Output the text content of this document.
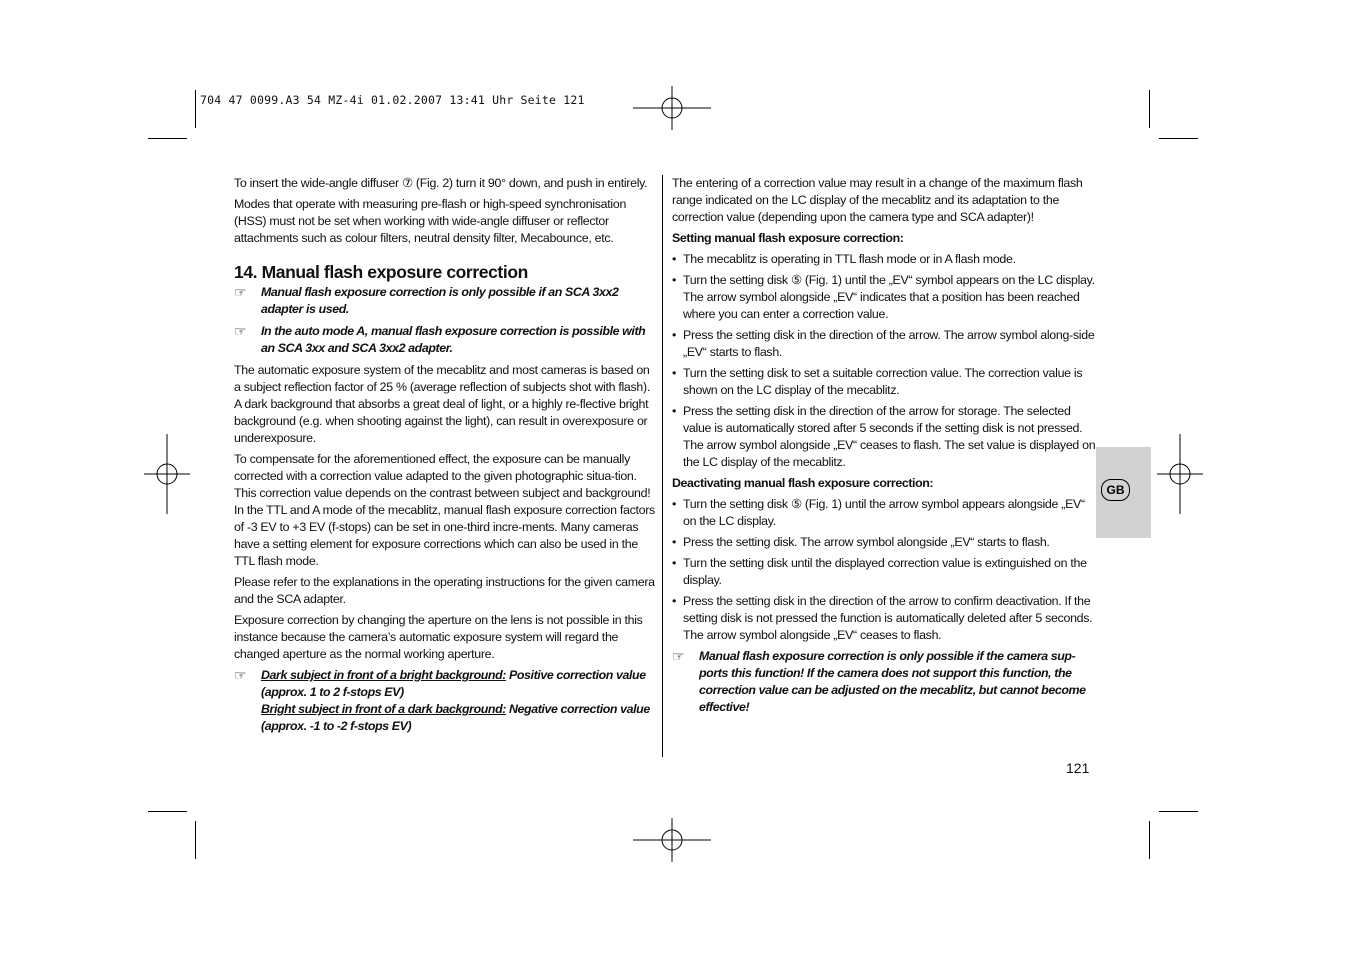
704 47 0099.A3 54 MZ-4i 01.02.2007 13:41 Uhr Seite 121

To insert the wide-angle diffuser ⑦ (Fig. 2) turn it 90° down, and push in entirely.

Modes that operate with measuring pre-flash or high-speed synchronisation (HSS) must not be set when working with wide-angle diffuser or reflector attachments such as colour filters, neutral density filter, Mecabounce, etc.

14. Manual flash exposure correction
☞	Manual flash exposure correction is only possible if an SCA 3xx2 adapter is used.
☞	In the auto mode A, manual flash exposure correction is possible with an SCA 3xx and SCA 3xx2 adapter.

The automatic exposure system of the mecablitz and most cameras is based on a subject reflection factor of 25 % (average reflection of subjects shot with flash). A dark background that absorbs a great deal of light, or a highly re-flective bright background (e.g. when shooting against the light), can result in overexposure or underexposure.

To compensate for the aforementioned effect, the exposure can be manually corrected with a correction value adapted to the given photographic situa-tion. This correction value depends on the contrast between subject and background! In the TTL and A mode of the mecablitz, manual flash exposure correction factors of -3 EV to +3 EV (f-stops) can be set in one-third incre-ments. Many cameras have a setting element for exposure corrections which can also be used in the TTL flash mode.

Please refer to the explanations in the operating instructions for the given camera and the SCA adapter.

Exposure correction by changing the aperture on the lens is not possible in this instance because the camera’s automatic exposure system will regard the changed aperture as the normal working aperture.

☞	Dark subject in front of a bright background: Positive correction value (approx. 1 to 2 f-stops EV)
Bright subject in front of a dark background: Negative correction value (approx. -1 to -2 f-stops EV)

The entering of a correction value may result in a change of the maximum flash range indicated on the LC display of the mecablitz and its adaptation to the correction value (depending upon the camera type and SCA adapter)!

Setting manual flash exposure correction:
• The mecablitz is operating in TTL flash mode or in A flash mode.
• Turn the setting disk ⑤ (Fig. 1) until the „EV“ symbol appears on the LC display. The arrow symbol alongside „EV“ indicates that a position has been reached where you can enter a correction value.
• Press the setting disk in the direction of the arrow. The arrow symbol along-side „EV“ starts to flash.
• Turn the setting disk to set a suitable correction value. The correction value is shown on the LC display of the mecablitz.
• Press the setting disk in the direction of the arrow for storage. The selected value is automatically stored after 5 seconds if the setting disk is not pressed. The arrow symbol alongside „EV“ ceases to flash. The set value is displayed on the LC display of the mecablitz.
Deactivating manual flash exposure correction:
• Turn the setting disk ⑤ (Fig. 1) until the arrow symbol appears alongside „EV“ on the LC display.
• Press the setting disk. The arrow symbol alongside „EV“ starts to flash.
• Turn the setting disk until the displayed correction value is extinguished on the display.
• Press the setting disk in the direction of the arrow to confirm deactivation. If the setting disk is not pressed the function is automatically deleted after 5 seconds. The arrow symbol alongside „EV“ ceases to flash.
☞	Manual flash exposure correction is only possible if the camera sup-ports this function! If the camera does not support this function, the correction value can be adjusted on the mecablitz, but cannot become effective!
GB
121
